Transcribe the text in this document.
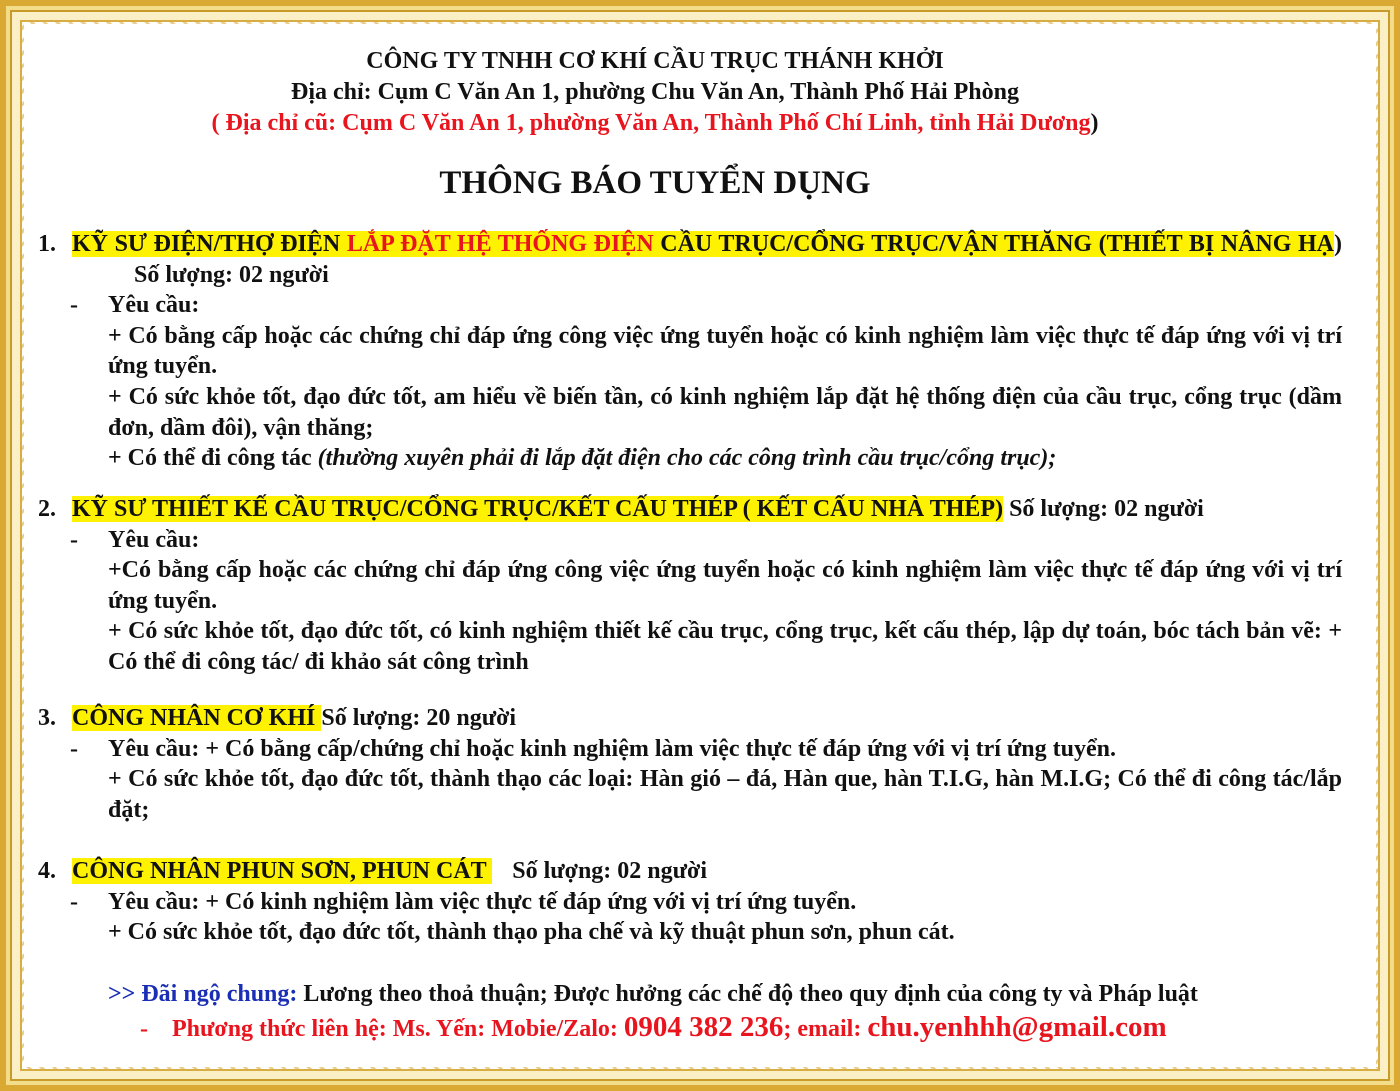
CÔNG TY TNHH CƠ KHÍ CẦU TRỤC THÁNH KHỞI
Địa chỉ: Cụm C Văn An 1, phường Chu Văn An, Thành Phố Hải Phòng
( Địa chỉ cũ: Cụm C Văn An 1, phường Văn An, Thành Phố Chí Linh, tỉnh Hải Dương)
THÔNG BÁO TUYỂN DỤNG
1. KỸ SƯ ĐIỆN/THỢ ĐIỆN LẮP ĐẶT HỆ THỐNG ĐIỆN CẦU TRỤC/CỔNG TRỤC/VẬN THĂNG (THIẾT BỊ NÂNG HẠ)Số lượng: 02 người
- Yêu cầu:
+ Có bằng cấp hoặc các chứng chỉ đáp ứng công việc ứng tuyển hoặc có kinh nghiệm làm việc thực tế đáp ứng với vị trí ứng tuyển.
+ Có sức khỏe tốt, đạo đức tốt, am hiểu về biến tần, có kinh nghiệm lắp đặt hệ thống điện của cầu trục, cổng trục (dầm đơn, dầm đôi), vận thăng;
+ Có thể đi công tác (thường xuyên phải đi lắp đặt điện cho các công trình cầu trục/cổng trục);
2. KỸ SƯ THIẾT KẾ CẦU TRỤC/CỔNG TRỤC/KẾT CẤU THÉP ( KẾT CẤU NHÀ THÉP) Số lượng: 02 người
- Yêu cầu:
+Có bằng cấp hoặc các chứng chỉ đáp ứng công việc ứng tuyển hoặc có kinh nghiệm làm việc thực tế đáp ứng với vị trí ứng tuyển.
+ Có sức khỏe tốt, đạo đức tốt, có kinh nghiệm thiết kế cầu trục, cổng trục, kết cấu thép, lập dự toán, bóc tách bản vẽ: + Có thể đi công tác/ đi khảo sát công trình
3. CÔNG NHÂN CƠ KHÍ Số lượng: 20 người
- Yêu cầu: + Có bằng cấp/chứng chỉ hoặc kinh nghiệm làm việc thực tế đáp ứng với vị trí ứng tuyển.
+ Có sức khỏe tốt, đạo đức tốt, thành thạo các loại: Hàn gió – đá, Hàn que, hàn T.I.G, hàn M.I.G; Có thể đi công tác/lắp đặt;
4. CÔNG NHÂN PHUN SƠN, PHUN CÁT  Số lượng: 02 người
- Yêu cầu: + Có kinh nghiệm làm việc thực tế đáp ứng với vị trí ứng tuyển.
+ Có sức khỏe tốt, đạo đức tốt, thành thạo pha chế và kỹ thuật phun sơn, phun cát.
>> Đãi ngộ chung: Lương theo thoả thuận; Được hưởng các chế độ theo quy định của công ty và Pháp luật
- Phương thức liên hệ: Ms. Yến: Mobie/Zalo: 0904 382 236; email: chu.yenhhh@gmail.com
